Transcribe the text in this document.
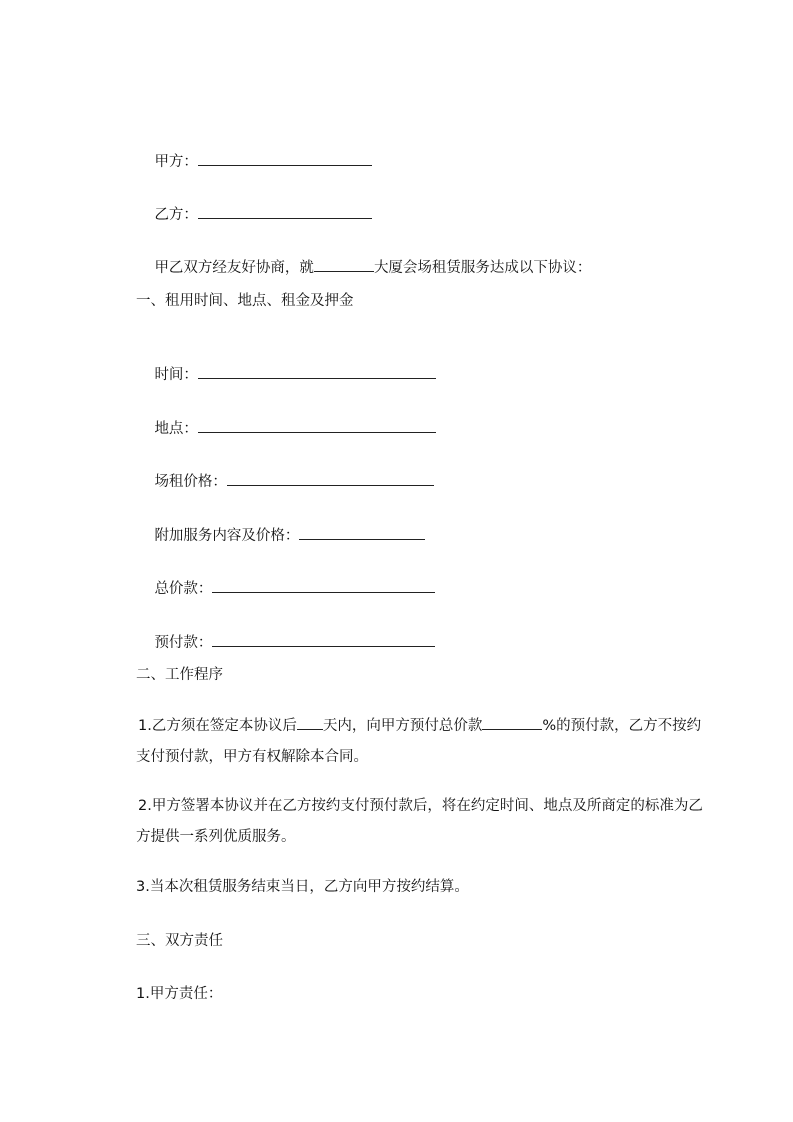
甲方：

乙方：

甲乙双方经友好协商，就	大厦会场租赁服务达成以下协议：

一、租用时间、地点、租金及押金

时间：

地点：

场租价格：

附加服务内容及价格：

总价款：

预付款：

二、工作程序
1.乙方须在签定本协议后 天内，向甲方预付总价款	%的预付款，乙方不按约支付预付款，甲方有权解除本合同。
2.甲方签署本协议并在乙方按约支付预付款后，将在约定时间、地点及所商定的标准为乙方提供一系列优质服务。
3.当本次租赁服务结束当日，乙方向甲方按约结算。
三、双方责任
1.甲方责任：
